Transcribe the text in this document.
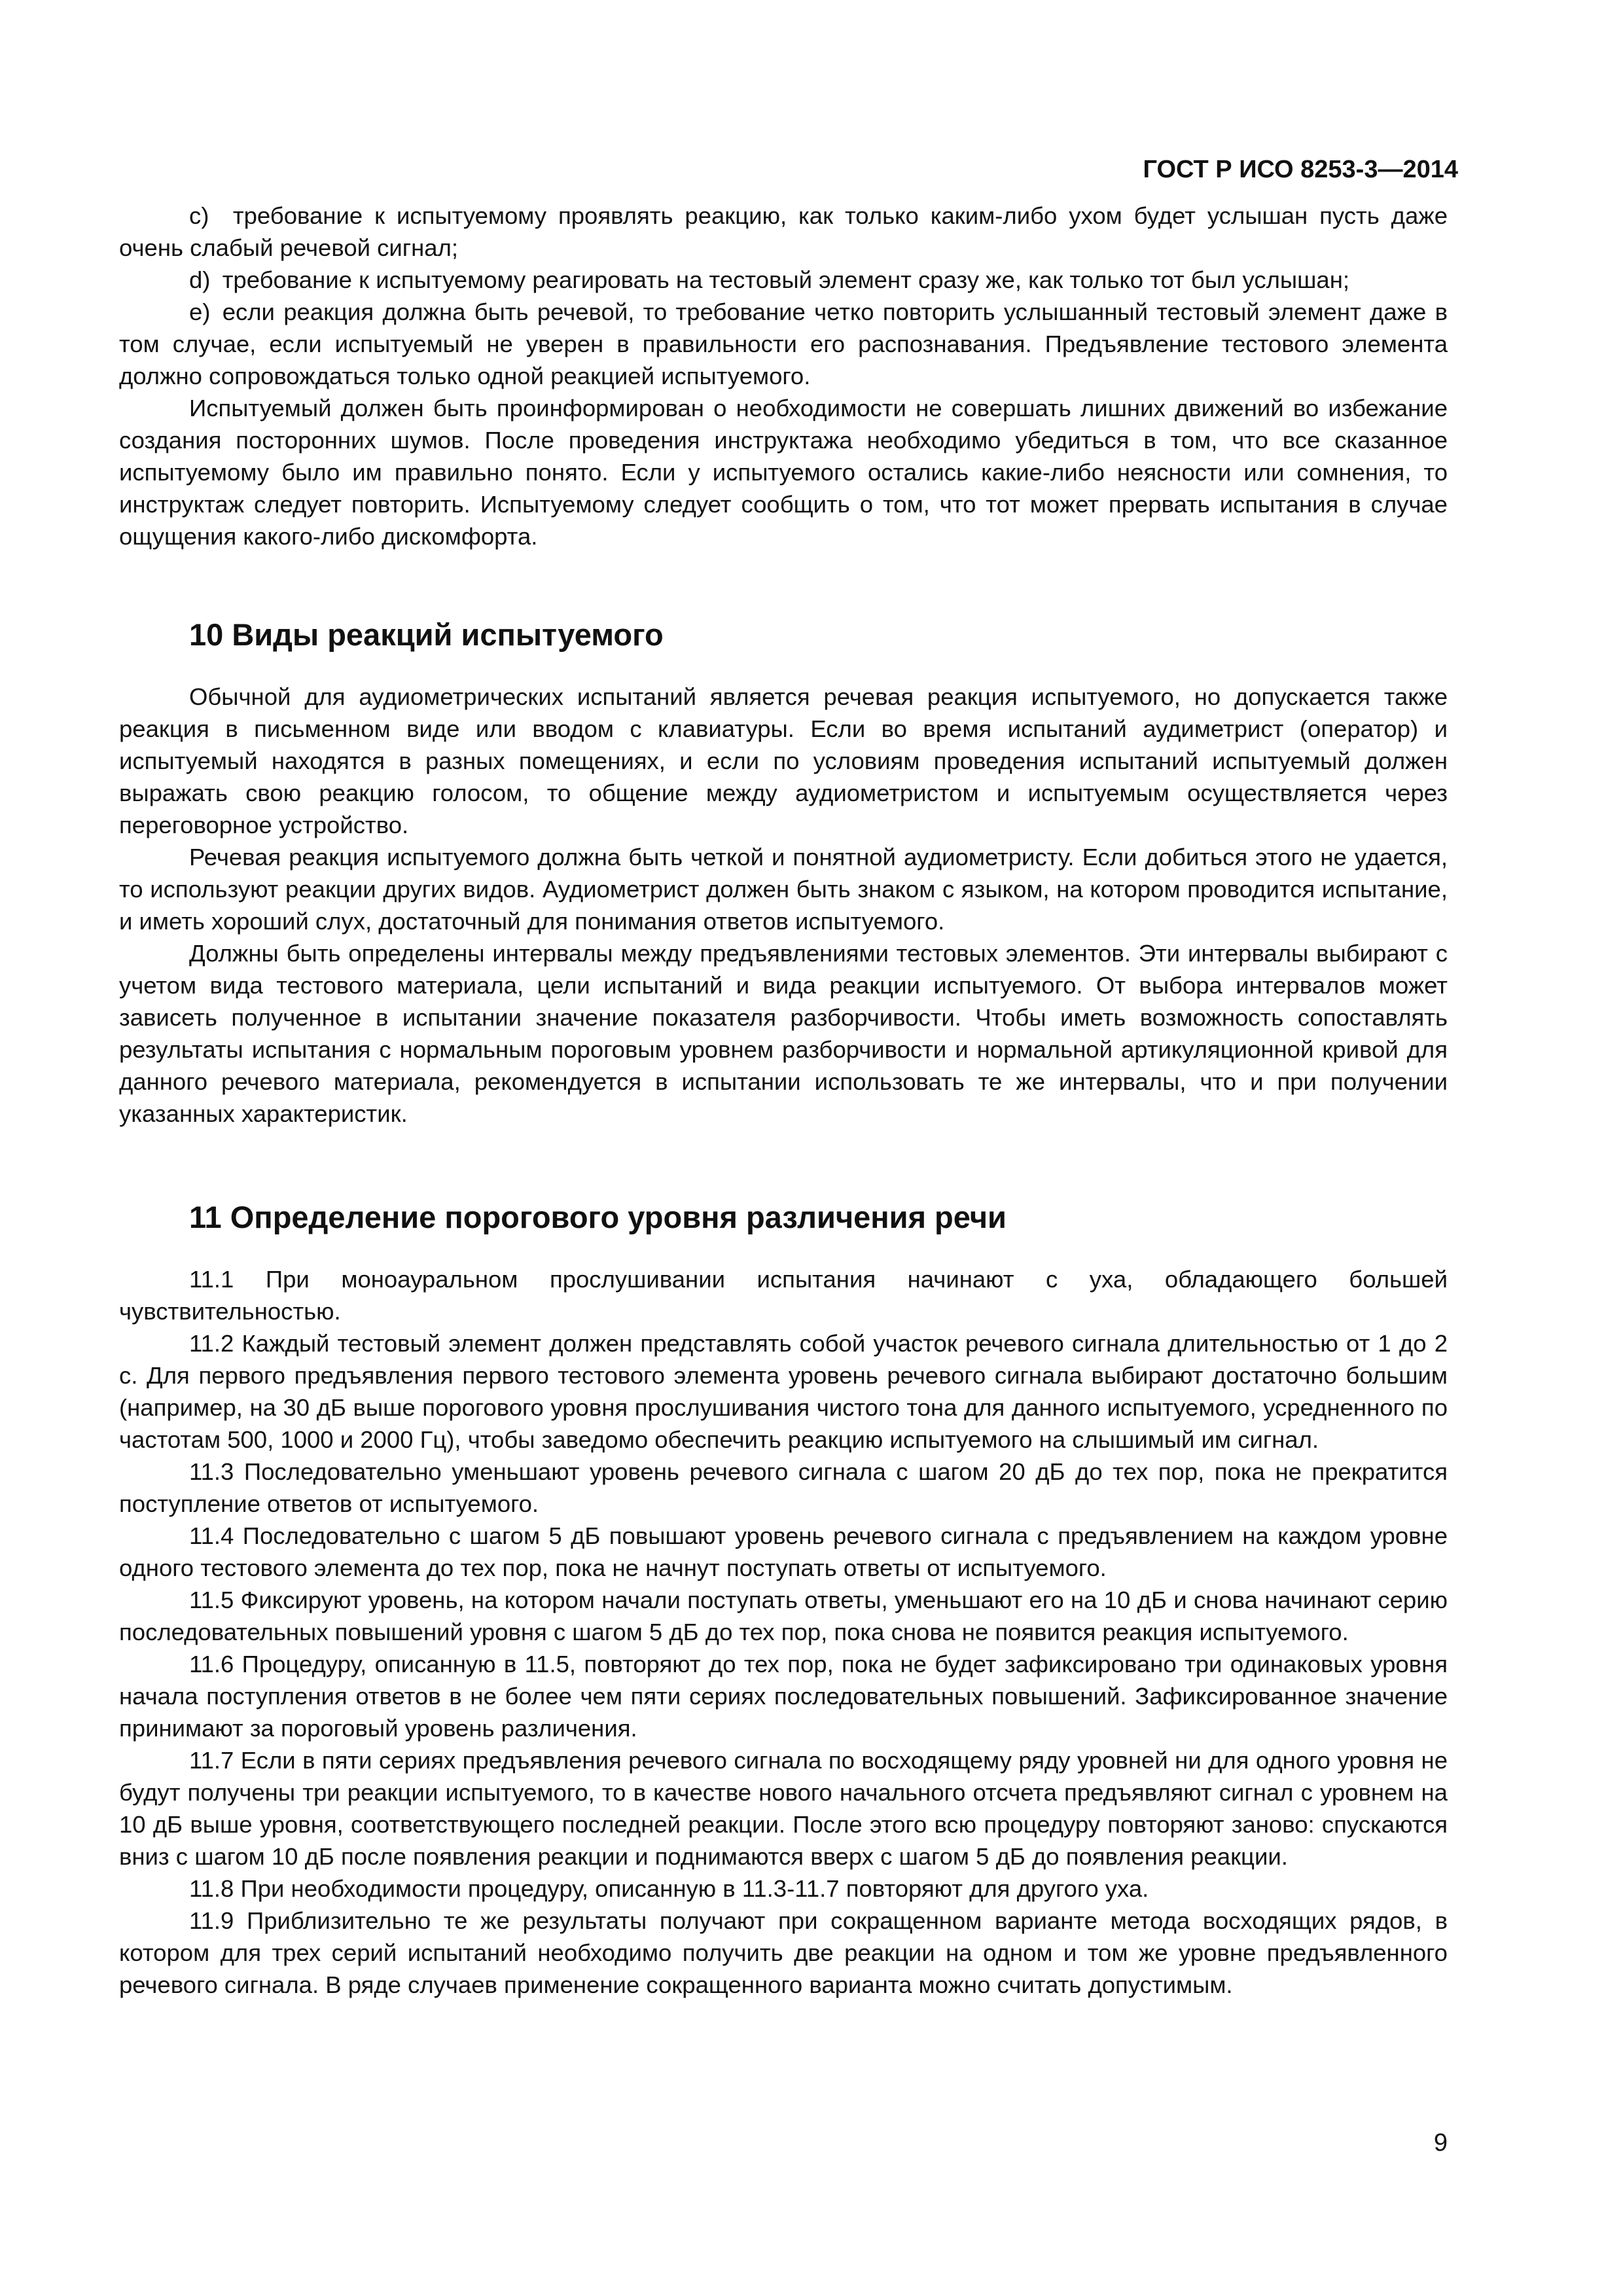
ГОСТ Р ИСО 8253-3—2014

c) требование к испытуемому проявлять реакцию, как только каким-либо ухом будет услышан пусть даже очень слабый речевой сигнал;

d) требование к испытуемому реагировать на тестовый элемент сразу же, как только тот был услышан;

e) если реакция должна быть речевой, то требование четко повторить услышанный тестовый элемент даже в том случае, если испытуемый не уверен в правильности его распознавания. Предъявление тестового элемента должно сопровождаться только одной реакцией испытуемого.

Испытуемый должен быть проинформирован о необходимости не совершать лишних движений во избежание создания посторонних шумов. После проведения инструктажа необходимо убедиться в том, что все сказанное испытуемому было им правильно понято. Если у испытуемого остались какие-либо неясности или сомнения, то инструктаж следует повторить. Испытуемому следует сообщить о том, что тот может прервать испытания в случае ощущения какого-либо дискомфорта.

10 Виды реакций испытуемого

Обычной для аудиометрических испытаний является речевая реакция испытуемого, но допускается также реакция в письменном виде или вводом с клавиатуры. Если во время испытаний аудиметрист (оператор) и испытуемый находятся в разных помещениях, и если по условиям проведения испытаний испытуемый должен выражать свою реакцию голосом, то общение между аудиометристом и испытуемым осуществляется через переговорное устройство.

Речевая реакция испытуемого должна быть четкой и понятной аудиометристу. Если добиться этого не удается, то используют реакции других видов. Аудиометрист должен быть знаком с языком, на котором проводится испытание, и иметь хороший слух, достаточный для понимания ответов испытуемого.

Должны быть определены интервалы между предъявлениями тестовых элементов. Эти интервалы выбирают с учетом вида тестового материала, цели испытаний и вида реакции испытуемого. От выбора интервалов может зависеть полученное в испытании значение показателя разборчивости. Чтобы иметь возможность сопоставлять результаты испытания с нормальным пороговым уровнем разборчивости и нормальной артикуляционной кривой для данного речевого материала, рекомендуется в испытании использовать те же интервалы, что и при получении указанных характеристик.

11 Определение порогового уровня различения речи

11.1 При моноауральном прослушивании испытания начинают с уха, обладающего большей чувствительностью.

11.2 Каждый тестовый элемент должен представлять собой участок речевого сигнала длительностью от 1 до 2 с. Для первого предъявления первого тестового элемента уровень речевого сигнала выбирают достаточно большим (например, на 30 дБ выше порогового уровня прослушивания чистого тона для данного испытуемого, усредненного по частотам 500, 1000 и 2000 Гц), чтобы заведомо обеспечить реакцию испытуемого на слышимый им сигнал.

11.3 Последовательно уменьшают уровень речевого сигнала с шагом 20 дБ до тех пор, пока не прекратится поступление ответов от испытуемого.

11.4 Последовательно с шагом 5 дБ повышают уровень речевого сигнала с предъявлением на каждом уровне одного тестового элемента до тех пор, пока не начнут поступать ответы от испытуемого.

11.5 Фиксируют уровень, на котором начали поступать ответы, уменьшают его на 10 дБ и снова начинают серию последовательных повышений уровня с шагом 5 дБ до тех пор, пока снова не появится реакция испытуемого.

11.6 Процедуру, описанную в 11.5, повторяют до тех пор, пока не будет зафиксировано три одинаковых уровня начала поступления ответов в не более чем пяти сериях последовательных повышений. Зафиксированное значение принимают за пороговый уровень различения.

11.7 Если в пяти сериях предъявления речевого сигнала по восходящему ряду уровней ни для одного уровня не будут получены три реакции испытуемого, то в качестве нового начального отсчета предъявляют сигнал с уровнем на 10 дБ выше уровня, соответствующего последней реакции. После этого всю процедуру повторяют заново: спускаются вниз с шагом 10 дБ после появления реакции и поднимаются вверх с шагом 5 дБ до появления реакции.

11.8 При необходимости процедуру, описанную в 11.3-11.7 повторяют для другого уха.

11.9 Приблизительно те же результаты получают при сокращенном варианте метода восходящих рядов, в котором для трех серий испытаний необходимо получить две реакции на одном и том же уровне предъявленного речевого сигнала. В ряде случаев применение сокращенного варианта можно считать допустимым.

9
